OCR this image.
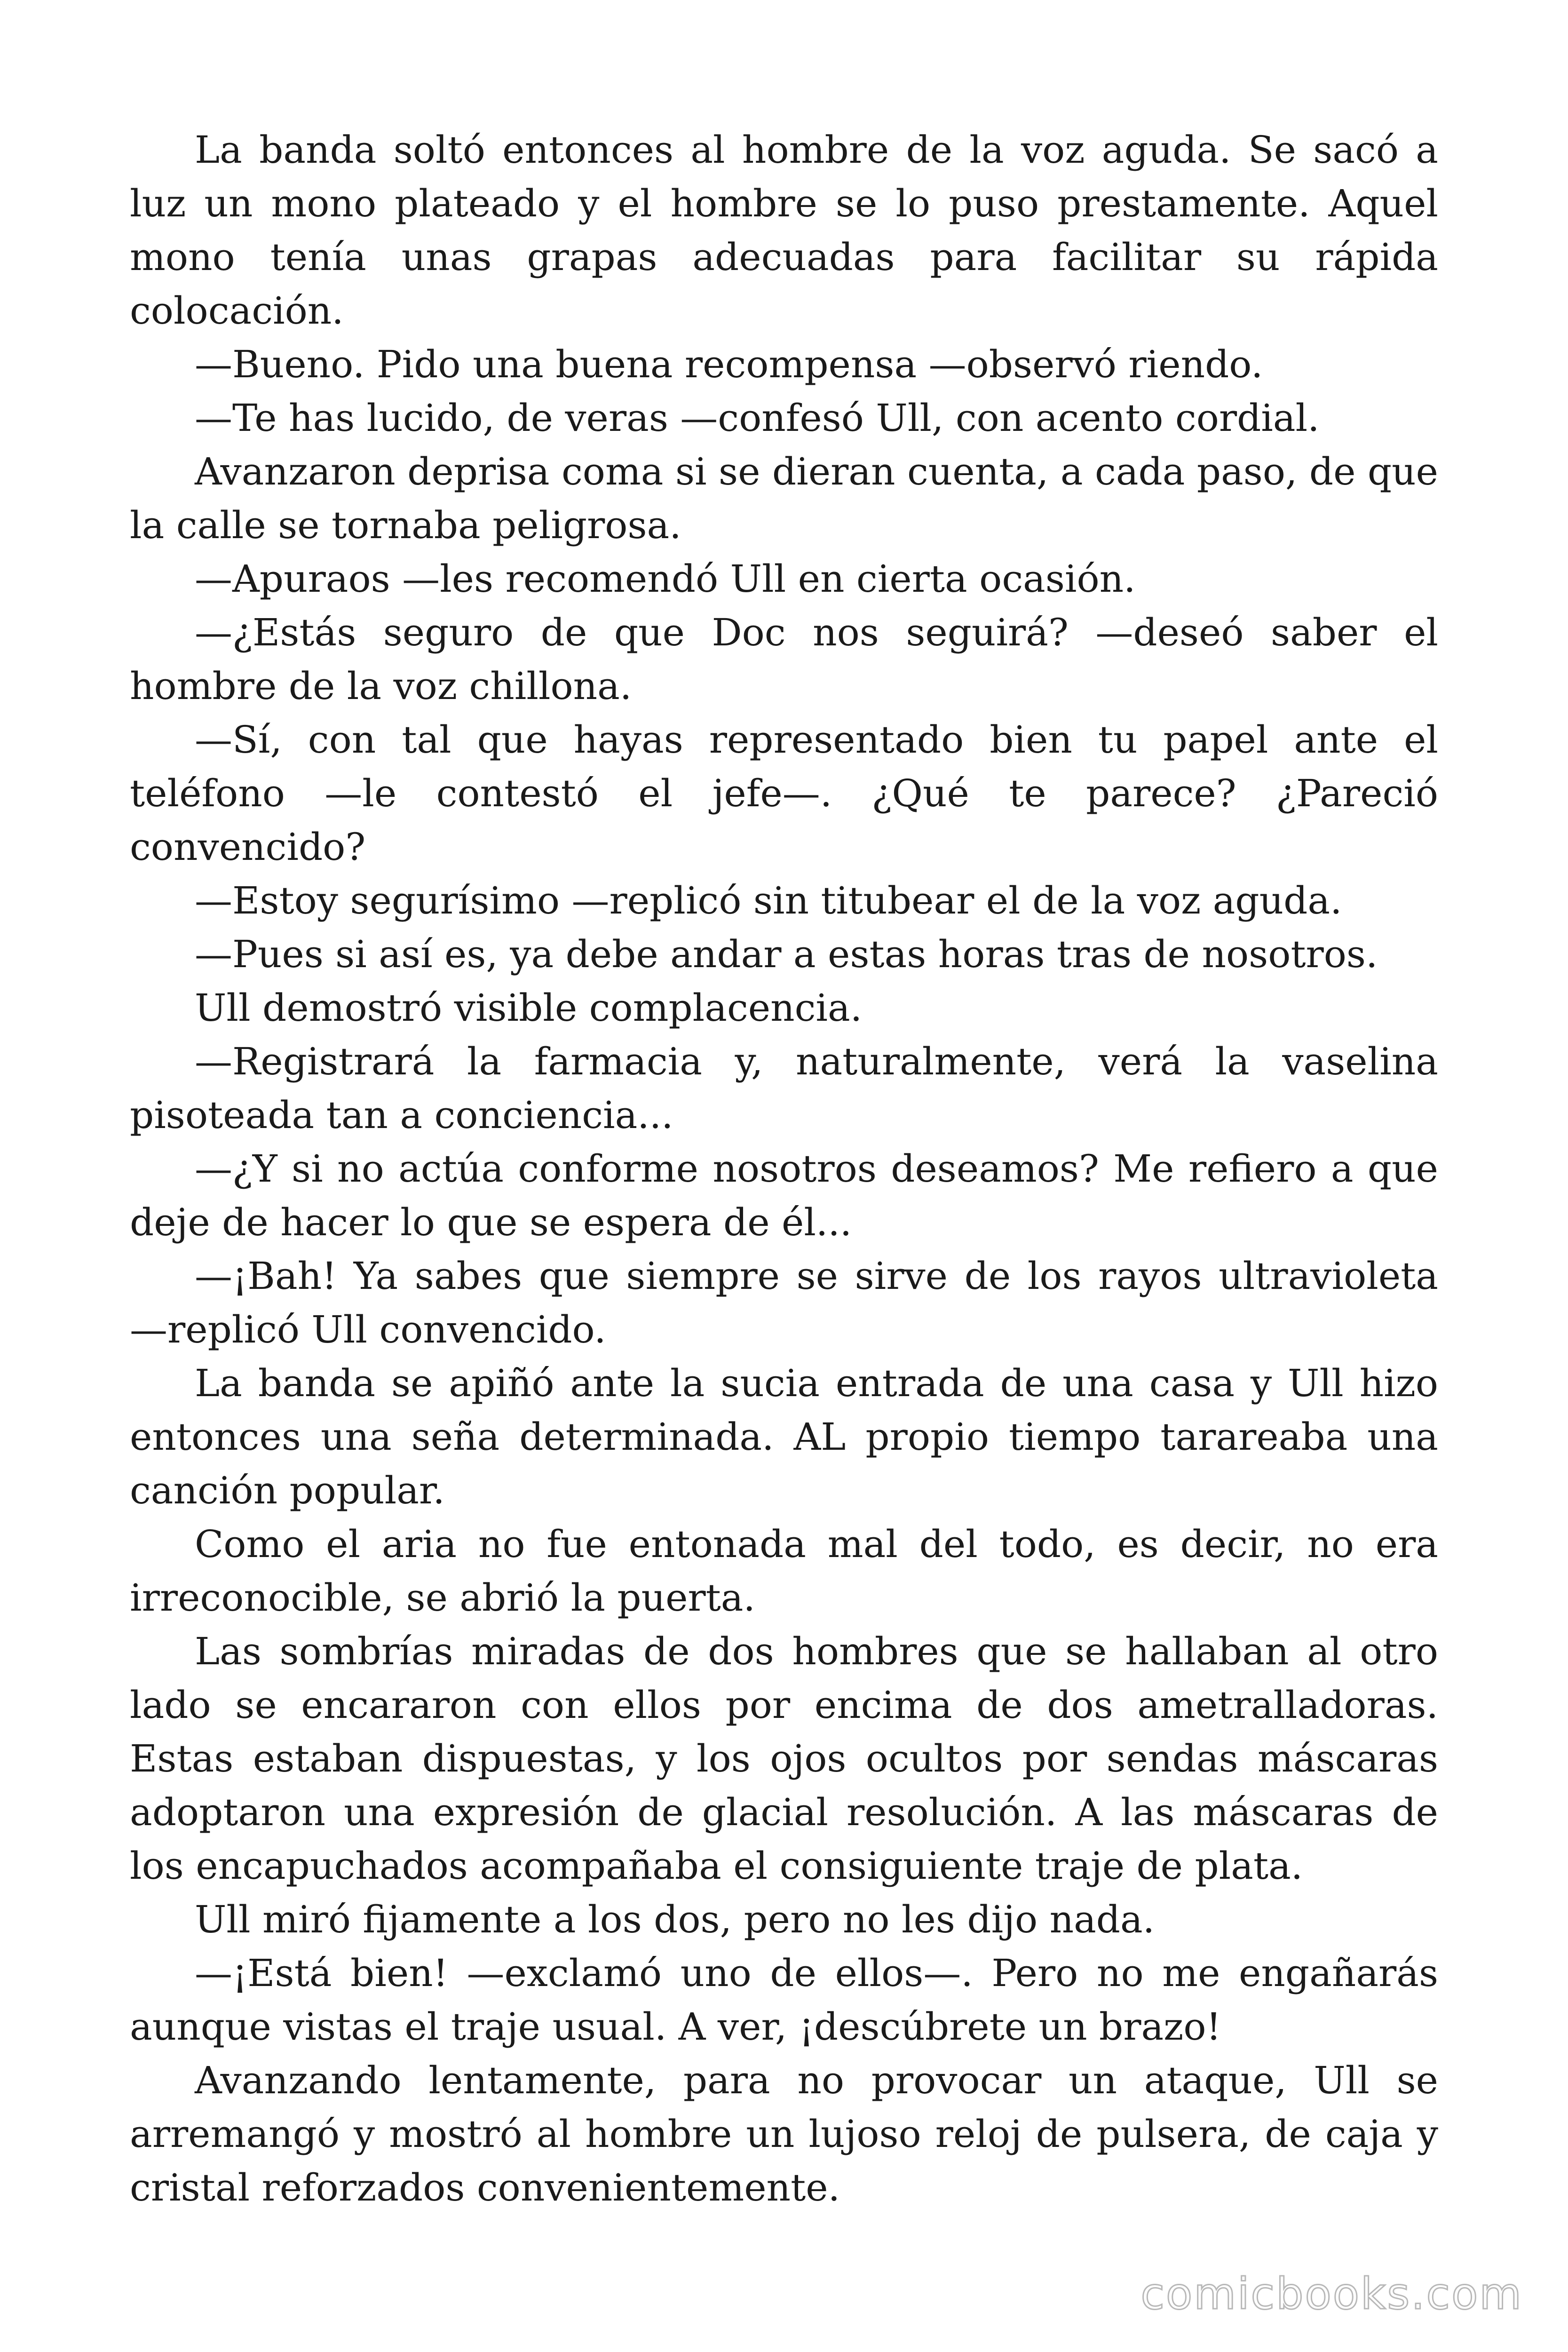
La banda soltó entonces al hombre de la voz aguda. Se sacó a luz un mono plateado y el hombre se lo puso prestamente. Aquel mono tenía unas grapas adecuadas para facilitar su rápida colocación.

—Bueno. Pido una buena recompensa —observó riendo.

—Te has lucido, de veras —confesó Ull, con acento cordial.

Avanzaron deprisa coma si se dieran cuenta, a cada paso, de que la calle se tornaba peligrosa.

—Apuraos —les recomendó Ull en cierta ocasión.

—¿Estás seguro de que Doc nos seguirá? —deseó saber el hombre de la voz chillona.

—Sí, con tal que hayas representado bien tu papel ante el teléfono —le contestó el jefe—. ¿Qué te parece? ¿Pareció convencido?

—Estoy segurísimo —replicó sin titubear el de la voz aguda.

—Pues si así es, ya debe andar a estas horas tras de nosotros.

Ull demostró visible complacencia.

—Registrará la farmacia y, naturalmente, verá la vaselina pisoteada tan a conciencia...

—¿Y si no actúa conforme nosotros deseamos? Me refiero a que deje de hacer lo que se espera de él...

—¡Bah! Ya sabes que siempre se sirve de los rayos ultravioleta —replicó Ull convencido.

La banda se apiñó ante la sucia entrada de una casa y Ull hizo entonces una seña determinada. AL propio tiempo tarareaba una canción popular.

Como el aria no fue entonada mal del todo, es decir, no era irreconocible, se abrió la puerta.

Las sombrías miradas de dos hombres que se hallaban al otro lado se encararon con ellos por encima de dos ametralladoras. Estas estaban dispuestas, y los ojos ocultos por sendas máscaras adoptaron una expresión de glacial resolución. A las máscaras de los encapuchados acompañaba el consiguiente traje de plata.

Ull miró fijamente a los dos, pero no les dijo nada.

—¡Está bien! —exclamó uno de ellos—. Pero no me engañarás aunque vistas el traje usual. A ver, ¡descúbrete un brazo!

Avanzando lentamente, para no provocar un ataque, Ull se arremangó y mostró al hombre un lujoso reloj de pulsera, de caja y cristal reforzados convenientemente.

comicbooks.com
